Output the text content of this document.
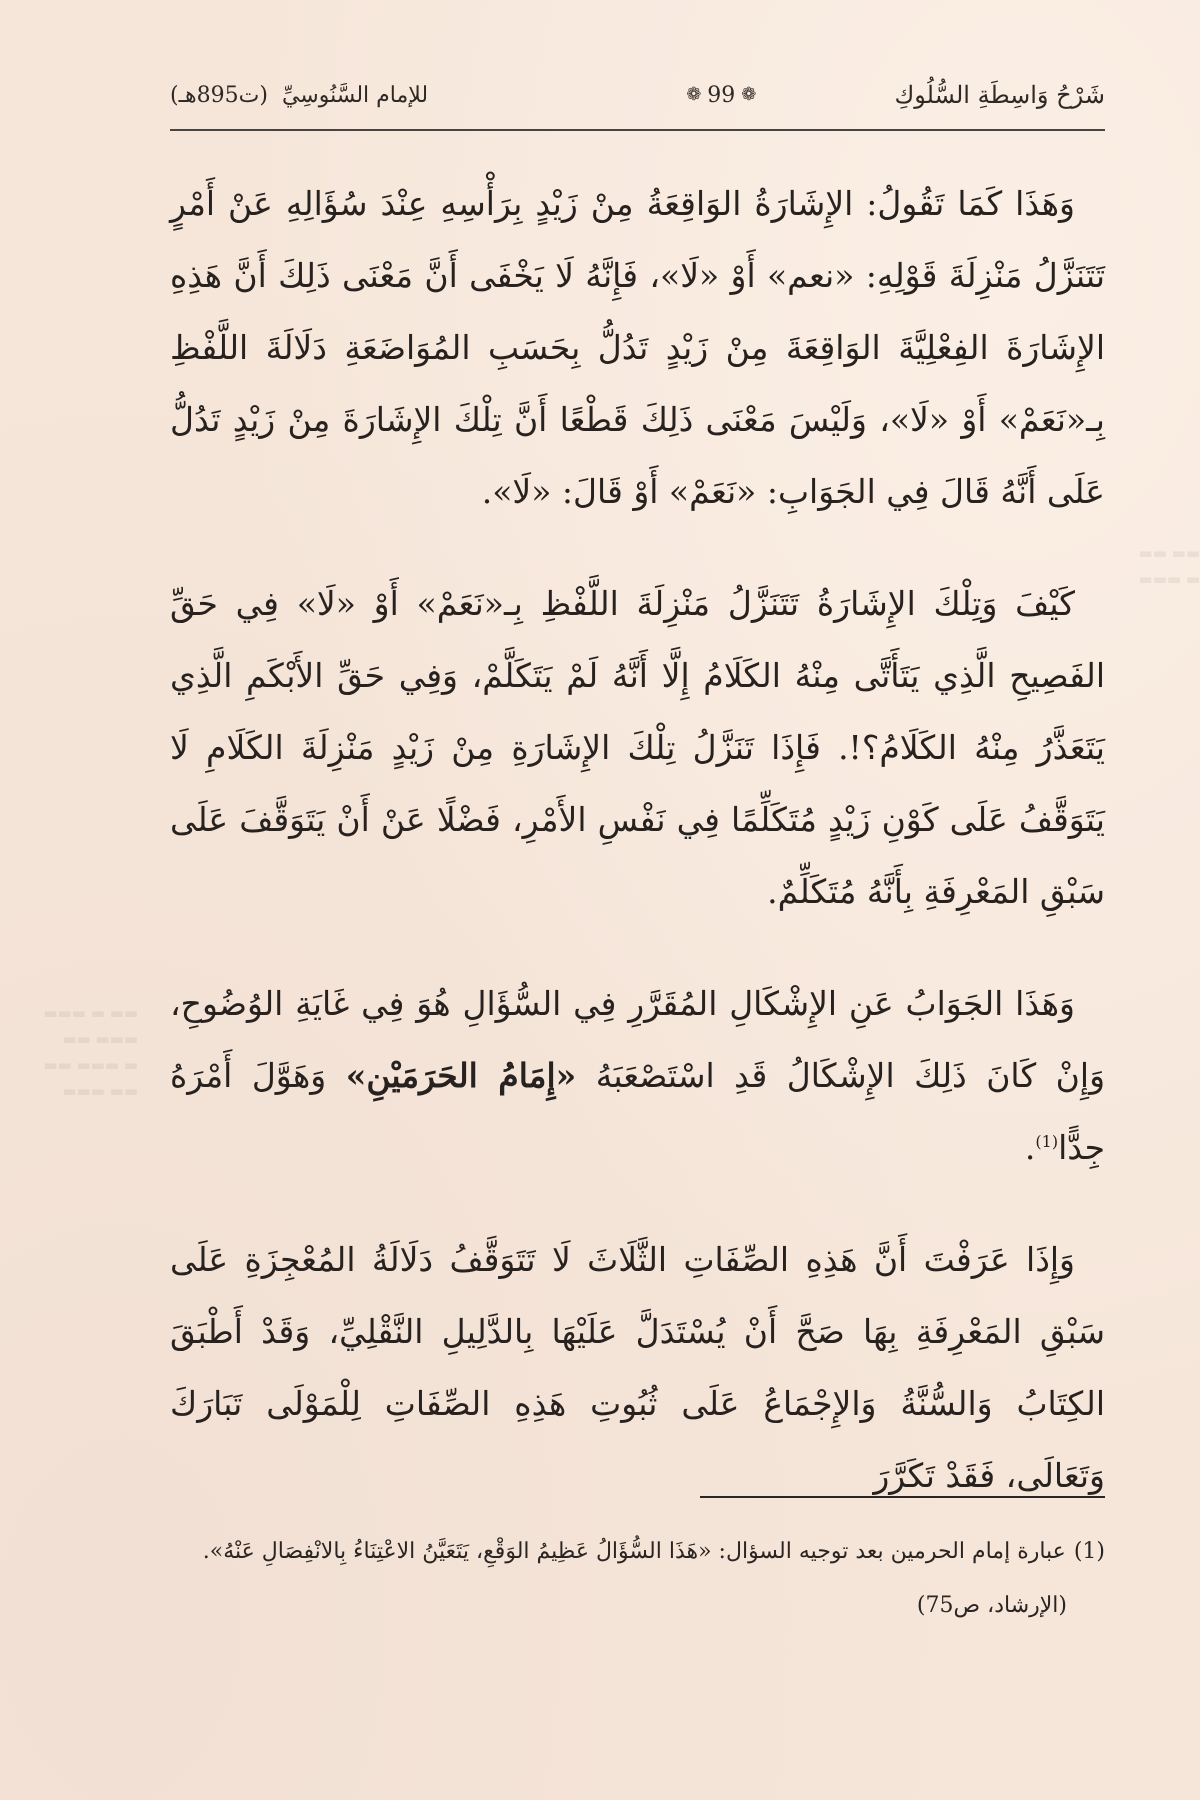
▬▬ ▬ ▬▬▬
▬▬▬ ▬▬
▬ ▬▬▬ ▬▬
▬▬ ▬▬▬
▬▬ ▬▬
▬ ▬▬▬
شَرْحُ وَاسِطَةِ السُّلُوكِ
❁ 99 ❁
للإمام السَّنُوسِيِّ
(ت895هـ)

وَهَذَا كَمَا تَقُولُ: الإِشَارَةُ الوَاقِعَةُ مِنْ زَيْدٍ بِرَأْسِهِ عِنْدَ سُؤَالِهِ عَنْ أَمْرٍ تَتَنَزَّلُ مَنْزِلَةَ قَوْلِهِ: «نعم» أَوْ «لَا»، فَإِنَّهُ لَا يَخْفَى أَنَّ مَعْنَى ذَلِكَ أَنَّ هَذِهِ الإِشَارَةَ الفِعْلِيَّةَ الوَاقِعَةَ مِنْ زَيْدٍ تَدُلُّ بِحَسَبِ المُوَاضَعَةِ دَلَالَةَ اللَّفْظِ بِـ«نَعَمْ» أَوْ «لَا»، وَلَيْسَ مَعْنَى ذَلِكَ قَطْعًا أَنَّ تِلْكَ الإِشَارَةَ مِنْ زَيْدٍ تَدُلُّ عَلَى أَنَّهُ قَالَ فِي الجَوَابِ: «نَعَمْ» أَوْ قَالَ: «لَا».

كَيْفَ وَتِلْكَ الإِشَارَةُ تَتَنَزَّلُ مَنْزِلَةَ اللَّفْظِ بِـ«نَعَمْ» أَوْ «لَا» فِي حَقِّ الفَصِيحِ الَّذِي يَتَأَتَّى مِنْهُ الكَلَامُ إِلَّا أَنَّهُ لَمْ يَتَكَلَّمْ، وَفِي حَقِّ الأَبْكَمِ الَّذِي يَتَعَذَّرُ مِنْهُ الكَلَامُ؟!. فَإِذَا تَنَزَّلُ تِلْكَ الإِشَارَةِ مِنْ زَيْدٍ مَنْزِلَةَ الكَلَامِ لَا يَتَوَقَّفُ عَلَى كَوْنِ زَيْدٍ مُتَكَلِّمًا فِي نَفْسِ الأَمْرِ، فَضْلًا عَنْ أَنْ يَتَوَقَّفَ عَلَى سَبْقِ المَعْرِفَةِ بِأَنَّهُ مُتَكَلِّمٌ.

وَهَذَا الجَوَابُ عَنِ الإِشْكَالِ المُقَرَّرِ فِي السُّؤَالِ هُوَ فِي غَايَةِ الوُضُوحِ، وَإِنْ كَانَ ذَلِكَ الإِشْكَالُ قَدِ اسْتَصْعَبَهُ «إِمَامُ الحَرَمَيْنِ» وَهَوَّلَ أَمْرَهُ جِدًّا$^{(1)}$.

وَإِذَا عَرَفْتَ أَنَّ هَذِهِ الصِّفَاتِ الثَّلَاثَ لَا تَتَوَقَّفُ دَلَالَةُ المُعْجِزَةِ عَلَى سَبْقِ المَعْرِفَةِ بِهَا صَحَّ أَنْ يُسْتَدَلَّ عَلَيْهَا بِالدَّلِيلِ النَّقْلِيِّ، وَقَدْ أَطْبَقَ الكِتَابُ وَالسُّنَّةُ وَالإِجْمَاعُ عَلَى ثُبُوتِ هَذِهِ الصِّفَاتِ لِلْمَوْلَى تَبَارَكَ وَتَعَالَى، فَقَدْ تَكَرَّرَ

(1)عبارة إمام الحرمين بعد توجيه السؤال: «هَذَا السُّؤَالُ عَظِيمُ الوَقْعِ، يَتَعَيَّنُ الاعْتِنَاءُ بِالانْفِصَالِ عَنْهُ».
(الإرشاد، ص75)
